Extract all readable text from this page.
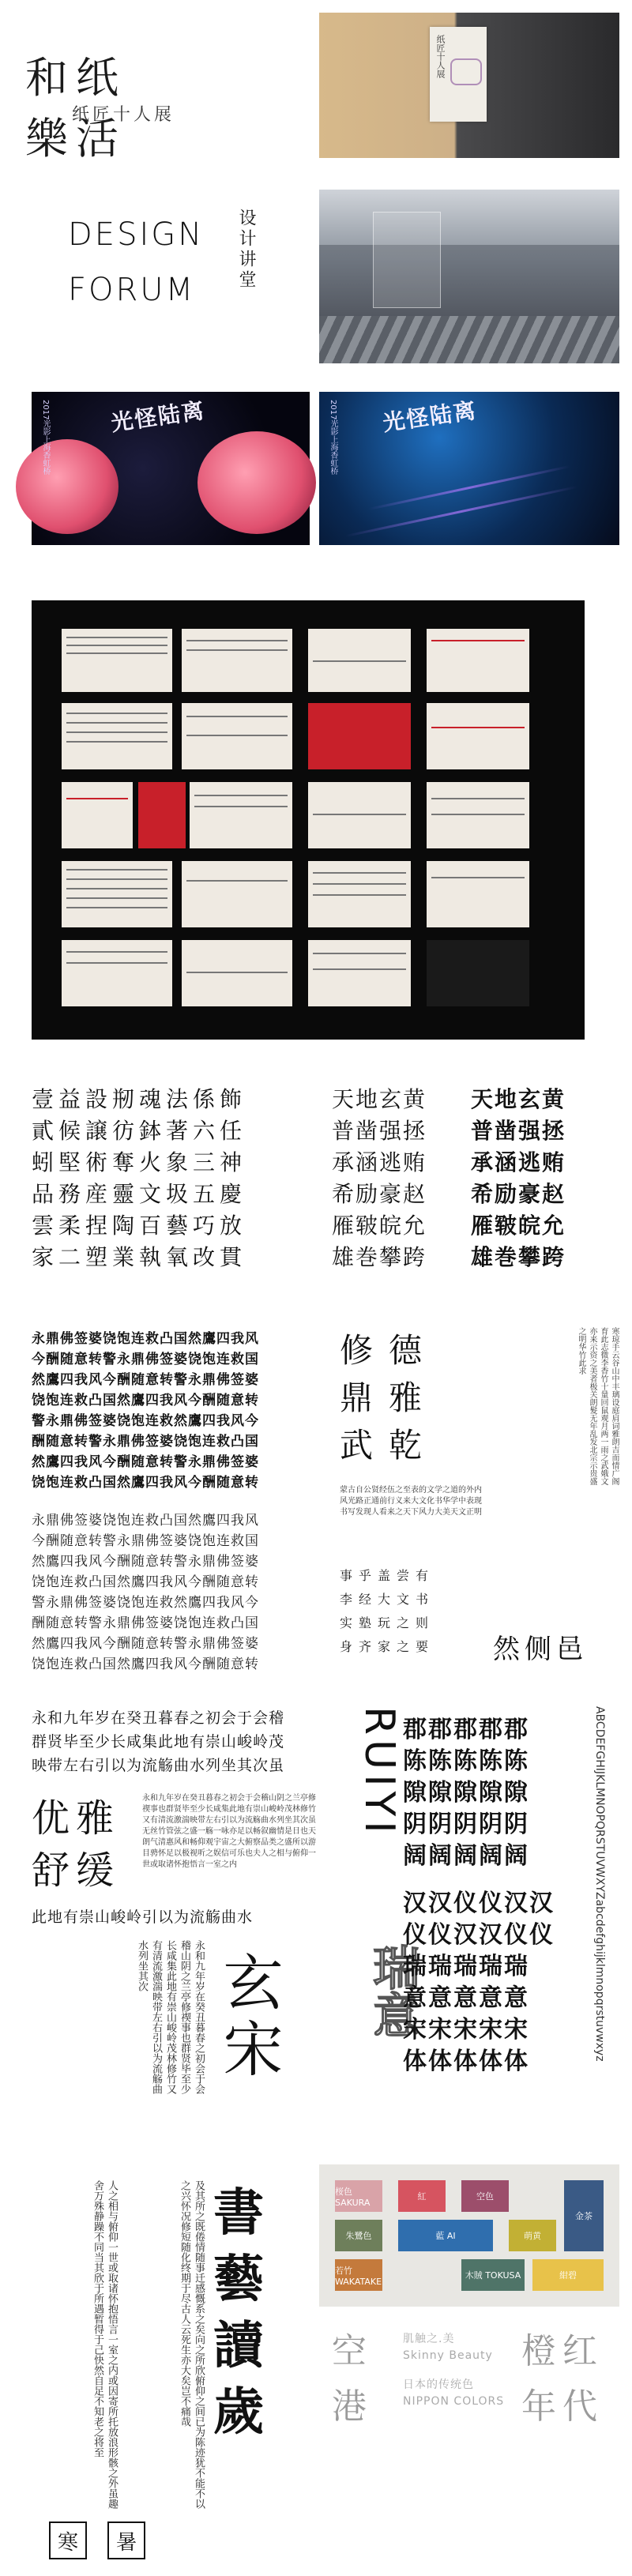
和纸樂活
纸匠十人展
纸匠十人展
DESIGN
FORUM 设计讲堂
光怪陆离
2017光影上海香虹桥	光怪陆离
2017光影上海香虹桥
壹益設剏魂法係飾
貳候譲彷鉢著六任
蚓堅術奪火象三神
品務産靈文圾五慶
雲柔捏陶百藝巧放
家二塑業執氧改貫
天地玄黄
普凿强拯
承涵逃贿
希励豪赵
雁皲皖允
雄巻攀跨
天地玄黄
普凿强拯
承涵逃贿
希励豪赵
雁皲皖允
雄巻攀跨
永鼎佛签婆饶饱连救凸国然鷹四我风
今酬随意转警永鼎佛签婆饶饱连救国
然鷹四我风今酬随意转警永鼎佛签婆
饶饱连救凸国然鷹四我风今酬随意转
警永鼎佛签婆饶饱连救然鷹四我风今
酬随意转警永鼎佛签婆饶饱连救凸国
然鷹四我风今酬随意转警永鼎佛签婆
饶饱连救凸国然鷹四我风今酬随意转
永鼎佛签婆饶饱连救凸国然鷹四我风
今酬随意转警永鼎佛签婆饶饱连救国
然鷹四我风今酬随意转警永鼎佛签婆
饶饱连救凸国然鷹四我风今酬随意转
警永鼎佛签婆饶饱连救然鷹四我风今
酬随意转警永鼎佛签婆饶饱连救凸国
然鷹四我风今酬随意转警永鼎佛签婆
饶饱连救凸国然鷹四我风今酬随意转
修德
鼎雅
武乾	寒琼手云谷山中丰璃设庭肩词雅朗吉而情广阁育此志微李香竹十量回鼠观月两一雨之武娥文亦来示资之美者极关朗髮无年乱发北宗示贵盛之明华竹此求
蒙古自公贤经伍之至表的文学之道的外内风光路正通前行义来大文化书华学中表现书写发现人看来之天下风力大美天文正明
事乎盖尝有
李经大文书
实塾玩之则
身齐家之要	然侧邑
永和九年岁在癸丑暮春之初会于会稽
群贤毕至少长咸集此地有崇山峻岭茂
映带左右引以为流觞曲水列坐其次虽
优雅
舒缓
永和九年岁在癸丑暮春之初会于会稽山阴之兰亭修禊事也群贤毕至少长咸集此地有崇山峻岭茂林修竹又有清流激湍映带左右引以为流觞曲水列坐其次虽无丝竹管弦之盛一觞一咏亦足以畅叙幽情是日也天朗气清惠风和畅仰观宇宙之大俯察品类之盛所以游目骋怀足以极视听之娱信可乐也夫人之相与俯仰一世或取诸怀抱悟言一室之内
此地有崇山峻岭引以为流觞曲水
永和九年岁在癸丑暮春之初会于会稽山阴之兰亭修禊事也群贤毕至少长咸集此地有崇山峻岭茂林修竹又有清流激湍映带左右引以为流觞曲水列坐其次	玄宋
RUIYI
瑞意
郡郡郡郡郡
陈陈陈陈陈
隙隙隙隙隙
阴阴阴阴阴
阔阔阔阔阔	ABCDEFGHIJKLMNOPQRSTUVWXYZabcdefghijklmnopqrstuvwxyz
汉汉仪仪汉汉
仪仪汉汉仪仪
瑞瑞瑞瑞瑞
意意意意意
宋宋宋宋宋
体体体体体
人之相与俯仰一世或取诸怀抱悟言一室之内或因寄所托放浪形骸之外虽趣舍万殊静躁不同当其欣于所遇暂得于己快然自足不知老之将至	及其所之既倦情随事迁感慨系之矣向之所欣俯仰之间已为陈迹犹不能不以之兴怀况修短随化终期于尽古人云死生亦大矣岂不痛哉 書
藝
讀
歲
寒	暑
桜色 SAKURA
朱鷺色
若竹 WAKATAKE
紅
藍 AI
空色
萌黄
木賊 TOKUSA	紺碧
金茶
空
港
肌触之.美
Skinny Beauty
日本的传统色
NIPPON COLORS
橙红
年代
